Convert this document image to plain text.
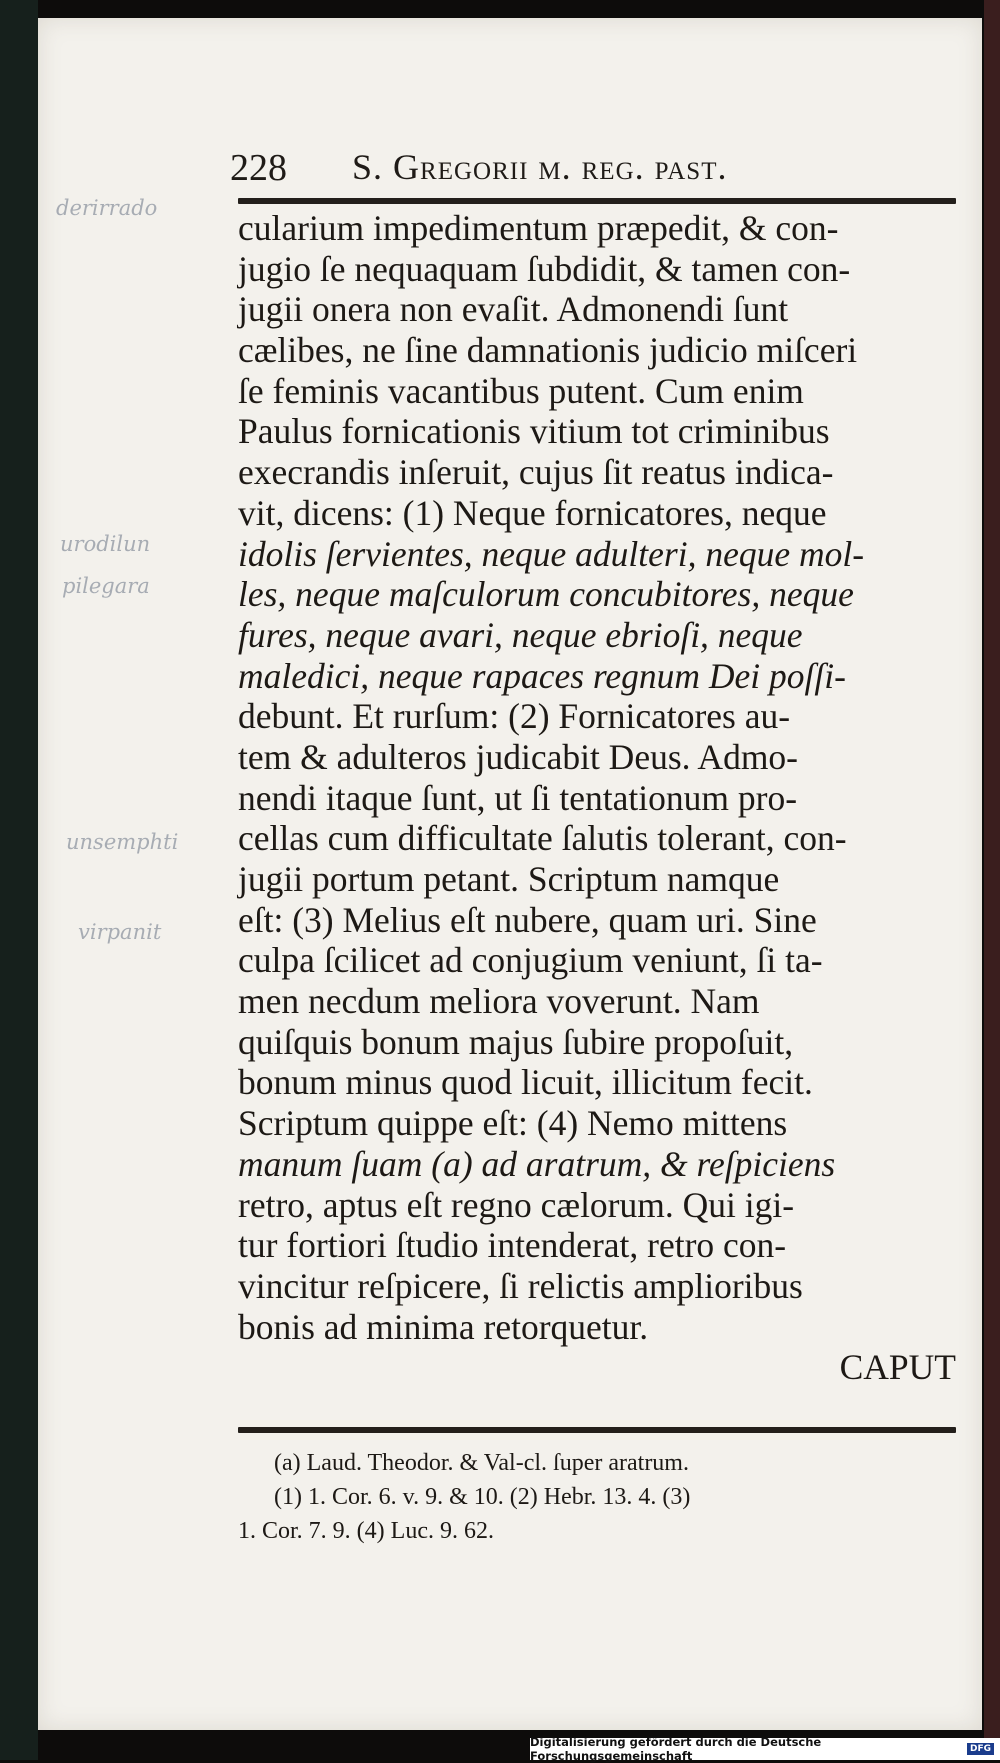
228 S. Gregorii m. reg. past.
derirrado
urodilun
pilegara
unsemphti
virpanit
cularium impedimentum præpedit, & con-
jugio ſe nequaquam ſubdidit, & tamen con-
jugii onera non evaſit. Admonendi ſunt
cælibes, ne ſine damnationis judicio miſceri
ſe feminis vacantibus putent. Cum enim
Paulus fornicationis vitium tot criminibus
execrandis inſeruit, cujus ſit reatus indica-
vit, dicens: (1) Neque fornicatores, neque
idolis ſervientes, neque adulteri, neque mol-
les, neque maſculorum concubitores, neque
fures, neque avari, neque ebrioſi, neque
maledici, neque rapaces regnum Dei poſſi-
debunt. Et rurſum: (2) Fornicatores au-
tem & adulteros judicabit Deus. Admo-
nendi itaque ſunt, ut ſi tentationum pro-
cellas cum difficultate ſalutis tolerant, con-
jugii portum petant. Scriptum namque
eſt: (3) Melius eſt nubere, quam uri. Sine
culpa ſcilicet ad conjugium veniunt, ſi ta-
men necdum meliora voverunt. Nam
quiſquis bonum majus ſubire propoſuit,
bonum minus quod licuit, illicitum fecit.
Scriptum quippe eſt: (4) Nemo mittens
manum ſuam (a) ad aratrum, & reſpiciens
retro, aptus eſt regno cælorum. Qui igi-
tur fortiori ſtudio intenderat, retro con-
vincitur reſpicere, ſi relictis amplioribus
bonis ad minima retorquetur.
CAPUT
(a) Laud. Theodor. & Val-cl. ſuper aratrum.
(1) 1. Cor. 6. v. 9. & 10. (2) Hebr. 13. 4. (3)
1. Cor. 7. 9. (4) Luc. 9. 62.
Digitalisierung gefördert durch die Deutsche Forschungsgemeinschaft	DFG
